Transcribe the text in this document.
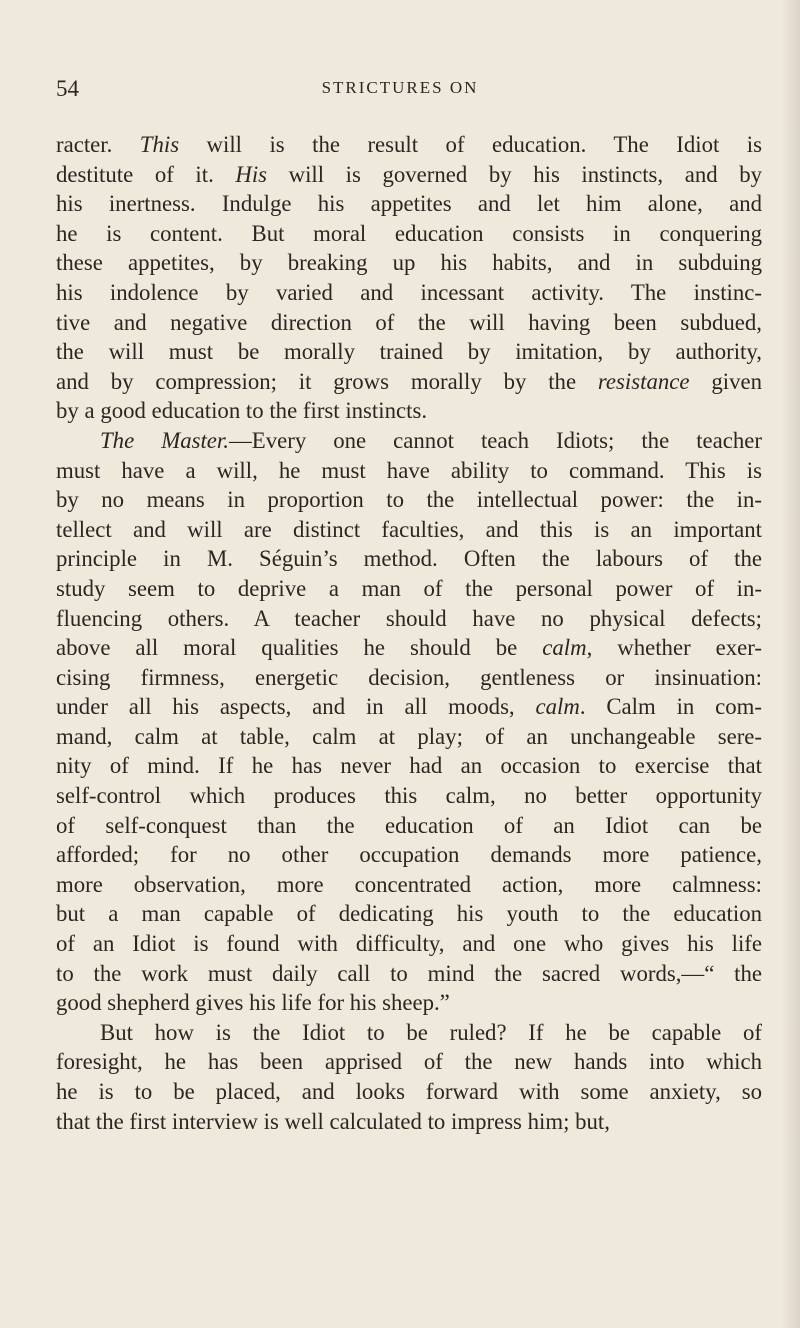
54	STRICTURES ON
racter. This will is the result of education. The Idiot is
destitute of it. His will is governed by his instincts, and by
his inertness. Indulge his appetites and let him alone, and
he is content. But moral education consists in conquering
these appetites, by breaking up his habits, and in subduing
his indolence by varied and incessant activity. The instinc-
tive and negative direction of the will having been subdued,
the will must be morally trained by imitation, by authority,
and by compression; it grows morally by the resistance given
by a good education to the first instincts.
The Master.—Every one cannot teach Idiots; the teacher
must have a will, he must have ability to command. This is
by no means in proportion to the intellectual power: the in-
tellect and will are distinct faculties, and this is an important
principle in M. Séguin’s method. Often the labours of the
study seem to deprive a man of the personal power of in-
fluencing others. A teacher should have no physical defects;
above all moral qualities he should be calm, whether exer-
cising firmness, energetic decision, gentleness or insinuation:
under all his aspects, and in all moods, calm. Calm in com-
mand, calm at table, calm at play; of an unchangeable sere-
nity of mind. If he has never had an occasion to exercise that
self-control which produces this calm, no better opportunity
of self-conquest than the education of an Idiot can be
afforded; for no other occupation demands more patience,
more observation, more concentrated action, more calmness:
but a man capable of dedicating his youth to the education
of an Idiot is found with difficulty, and one who gives his life
to the work must daily call to mind the sacred words,—“ the
good shepherd gives his life for his sheep.”
But how is the Idiot to be ruled? If he be capable of
foresight, he has been apprised of the new hands into which
he is to be placed, and looks forward with some anxiety, so
that the first interview is well calculated to impress him; but,
